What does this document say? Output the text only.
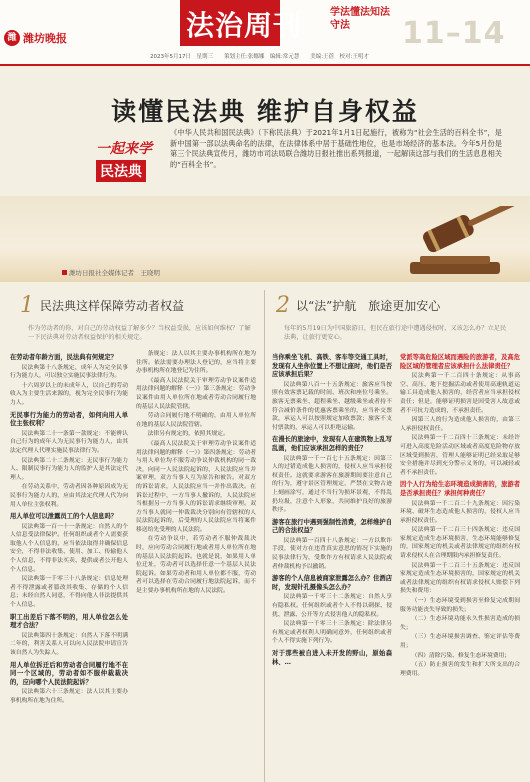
潍 潍坊晚报	法治周刊	学法懂法知法守法	11–14
2023年5月17日　星期三　　策划主任:张娜娜　编辑:常元慧　　美编:王蓓　校对:王明才
读懂民法典 维护自身权益
一起来学
民法典
《中华人民共和国民法典》（下称民法典）于2021年1月1日起施行，被称为“社会生活的百科全书”，是新中国第一部以法典命名的法律，在法律体系中居于基础性地位，也是市场经济的基本法。今年5月份是第三个民法典宣传月，潍坊市司法局联合潍坊日报社推出系列报道，一起解读这部与我们的生活息息相关的“百科全书”。
潍坊日报社全媒体记者　王晓明
1 民法典这样保障劳动者权益
作为劳动者的你，对自己的劳动权益了解多少？当权益受损，应该如何维权？了解一下民法典对劳动者权益保护的相关规定。
2 以“法”护航　旅途更加安心
每年的5月19日为中国旅游日，但民在旅行途中遭遇侵权时，又该怎么办？立足民法典，让旅行更安心。

在劳动者年龄方面，民法典有何规定？

民法典第十八条规定，成年人为完全民事行为能力人，可以独立实施民事法律行为。

十六周岁以上的未成年人，以自己的劳动收入为主要生活来源的，视为完全民事行为能力人。

无民事行为能力的劳动者，如何向用人单位主张权利？

民法典第二十一条第一款规定：不能辨认自己行为的成年人为无民事行为能力人，由其法定代理人代理实施民事法律行为。

民法典第二十二条规定：无民事行为能力人、限制民事行为能力人的监护人是其法定代理人。

在劳动关系中，劳动者因各种原因成为无民事行为能力人的，应由其法定代理人代为向用人单位主张权利。

用人单位可以泄露员工的个人信息吗？

民法典第一百一十一条规定：自然人的个人信息受法律保护。任何组织或者个人需要获取他人个人信息的，应当依法取得并确保信息安全，不得非法收集、使用、加工、传输他人个人信息，不得非法买卖、提供或者公开他人个人信息。

民法典第一千零三十八条规定：信息处理者不得泄露或者篡改其收集、存储的个人信息；未经自然人同意，不得向他人非法提供其个人信息。

职工出差后下落不明的，用人单位怎么处理才合法？

民法典第四十条规定：自然人下落不明满二年的，利害关系人可以向人民法院申请宣告该自然人为失踪人。

用人单位拆迁后和劳动者合同履行地不在同一个区域的，劳动者如不服仲裁裁决的，应向哪个人民法院起诉？

民法典第六十三条规定：法人以其主要办事机构所在地为住所。

条规定：法人以其主要办事机构所在地为住所。依法需要办理法人登记的，应当将主要办事机构所在地登记为住所。

《最高人民法院关于审理劳动争议案件适用法律问题的解释（一）》第三条规定：劳动争议案件由用人单位所在地或者劳动合同履行地的基层人民法院管辖。

劳动合同履行地不明确的，由用人单位所在地的基层人民法院管辖。

法律另有规定的，依照其规定。

《最高人民法院关于审理劳动争议案件适用法律问题的解释（一）》第四条规定：劳动者与用人单位均不服劳动争议仲裁机构的同一裁决，向同一人民法院起诉的，人民法院应当并案审理，双方当事人互为原告和被告。对双方的诉讼请求，人民法院应当一并作出裁决。在诉讼过程中，一方当事人撤诉的，人民法院应当根据另一方当事人的诉讼请求继续审理。双方当事人就同一仲裁裁决分别向有管辖权的人民法院起诉的，后受理的人民法院应当将案件移送给先受理的人民法院。

在劳动争议中，若劳动者不服仲裁裁决时，应向劳动合同履行地或者用人单位所在地的基层人民法院起诉。也就是说，如果用人单位迁址，劳动者可以选择任意一个基层人民法院起诉。如果劳动者和用人单位都不服，劳动者可以选择在劳动合同履行地法院起诉，而不是主要办事机构所在地的人民法院。

当你乘坐飞机、高铁、客车等交通工具时，发现有人坐你位置上不想让座时，他们是否应该承担后果？

民法典第八百一十五条规定：旅客应当按照有效客票记载的时间、班次和座位号乘坐。旅客无票乘坐、超程乘坐、越级乘坐或者持不符合减价条件的优惠客票乘坐的，应当补交票款，承运人可以按照规定加收票款；旅客不支付票款的，承运人可以拒绝运输。

在漫长的旅途中，发现有人在建筑物上乱写乱画，他们应该承担怎样的责任？

民法典第一千一百七十五条规定：因第三人的过错造成他人损害的，侵权人应当承担侵权责任。这就要求游客在旅游期间要注意自己的行为，遵守景区管理规定，严禁在文物古迹上刻画涂写，通过不当行为损坏景观，不得乱扔垃圾，注意个人形象，共同维护良好的旅游秩序。

游客在旅行中遇到强制性消费，怎样维护自己的合法权益？

民法典第一百四十八条规定：一方以欺诈手段，使对方在违背真实意思的情况下实施的民事法律行为，受欺诈方有权请求人民法院或者仲裁机构予以撤销。

游客的个人信息被商家泄露怎么办？住酒店时，发现针孔摄像头怎么办？

民法典第一千零三十二条规定：自然人享有隐私权。任何组织或者个人不得以刺探、侵扰、泄露、公开等方式侵害他人的隐私权。

民法典第一千零三十三条规定：除法律另有规定或者权利人明确同意外，任何组织或者个人不得实施下列行为。

对于那些被自进入未开发的野山，原始森林、…

党派等高危险区域而遇险的旅游者，及高危险区域的管理者应该承担什么法律责任？

民法典第一千二百四十条规定：从事高空、高压、地下挖掘活动或者使用高速轨道运输工具造成他人损害的，经营者应当承担侵权责任；但是，能够证明损害是因受害人故意或者不可抗力造成的，不承担责任。

因第三人的行为造成他人损害的，由第三人承担侵权责任。

民法典第一千二百四十三条规定：未经许可进入高度危险活动区域或者高度危险物存放区域受到损害，管理人能够证明已经采取足够安全措施并尽到充分警示义务的，可以减轻或者不承担责任。

因个人行为给生态环境造成损害的，旅游者是否承担责任？承担何种责任？

民法典第一千二百二十九条规定：因污染环境、破坏生态造成他人损害的，侵权人应当承担侵权责任。

民法典第一千二百三十四条规定：违反国家规定造成生态环境损害，生态环境能够修复的，国家规定的机关或者法律规定的组织有权请求侵权人在合理期限内承担修复责任。

民法典第一千二百三十五条规定：违反国家规定造成生态环境损害的，国家规定的机关或者法律规定的组织有权请求侵权人赔偿下列损失和费用：

（一）生态环境受到损害至修复完成期间服务功能丧失导致的损失；

（二）生态环境功能永久性损害造成的损失；

（三）生态环境损害调查、鉴定评估等费用；

（四）清除污染、修复生态环境费用；

（五）防止损害的发生和扩大所支出的合理费用。
